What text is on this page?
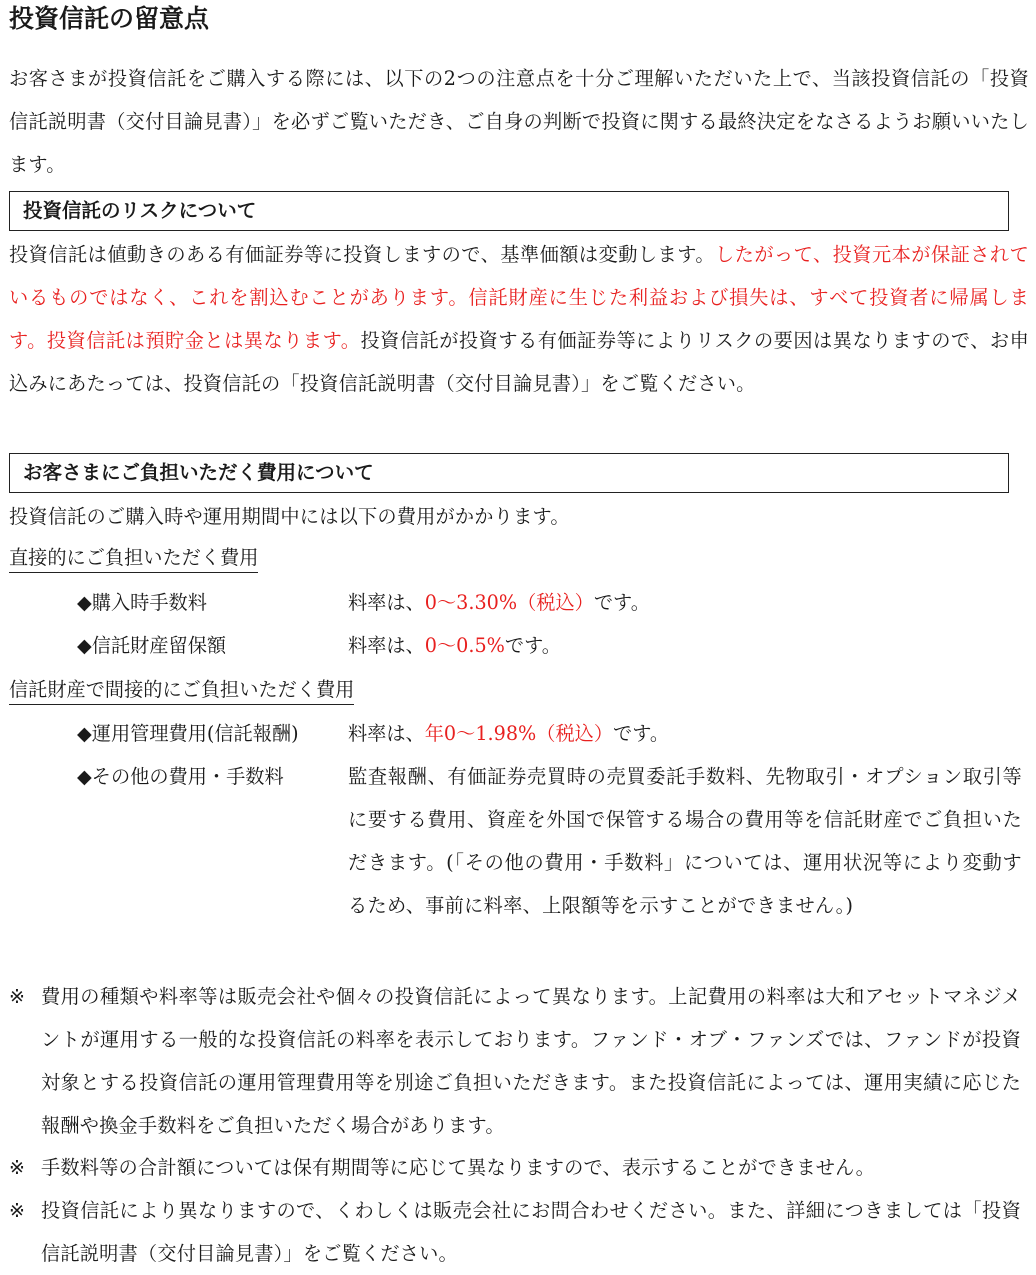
投資信託の留意点

お客さまが投資信託をご購入する際には、以下の2つの注意点を十分ご理解いただいた上で、当該投資信託の「投資信託説明書（交付目論見書）」を必ずご覧いただき、ご自身の判断で投資に関する最終決定をなさるようお願いいたします。

投資信託のリスクについて

投資信託は値動きのある有価証券等に投資しますので、基準価額は変動します。したがって、投資元本が保証されているものではなく、これを割込むことがあります。信託財産に生じた利益および損失は、すべて投資者に帰属します。投資信託は預貯金とは異なります。投資信託が投資する有価証券等によりリスクの要因は異なりますので、お申込みにあたっては、投資信託の「投資信託説明書（交付目論見書）」をご覧ください。

お客さまにご負担いただく費用について

投資信託のご購入時や運用期間中には以下の費用がかかります。

直接的にご負担いただく費用
◆購入時手数料	料率は、0～3.30%（税込）です。
◆信託財産留保額	料率は、0～0.5%です。
信託財産で間接的にご負担いただく費用
◆運用管理費用(信託報酬)	料率は、年0～1.98%（税込）です。
◆その他の費用・手数料	監査報酬、有価証券売買時の売買委託手数料、先物取引・オプション取引等に要する費用、資産を外国で保管する場合の費用等を信託財産でご負担いただきます。(「その他の費用・手数料」については、運用状況等により変動するため、事前に料率、上限額等を示すことができません。)

※ 費用の種類や料率等は販売会社や個々の投資信託によって異なります。上記費用の料率は大和アセットマネジメントが運用する一般的な投資信託の料率を表示しております。ファンド・オブ・ファンズでは、ファンドが投資対象とする投資信託の運用管理費用等を別途ご負担いただきます。また投資信託によっては、運用実績に応じた報酬や換金手数料をご負担いただく場合があります。
※ 手数料等の合計額については保有期間等に応じて異なりますので、表示することができません。
※ 投資信託により異なりますので、くわしくは販売会社にお問合わせください。また、詳細につきましては「投資信託説明書（交付目論見書）」をご覧ください。
